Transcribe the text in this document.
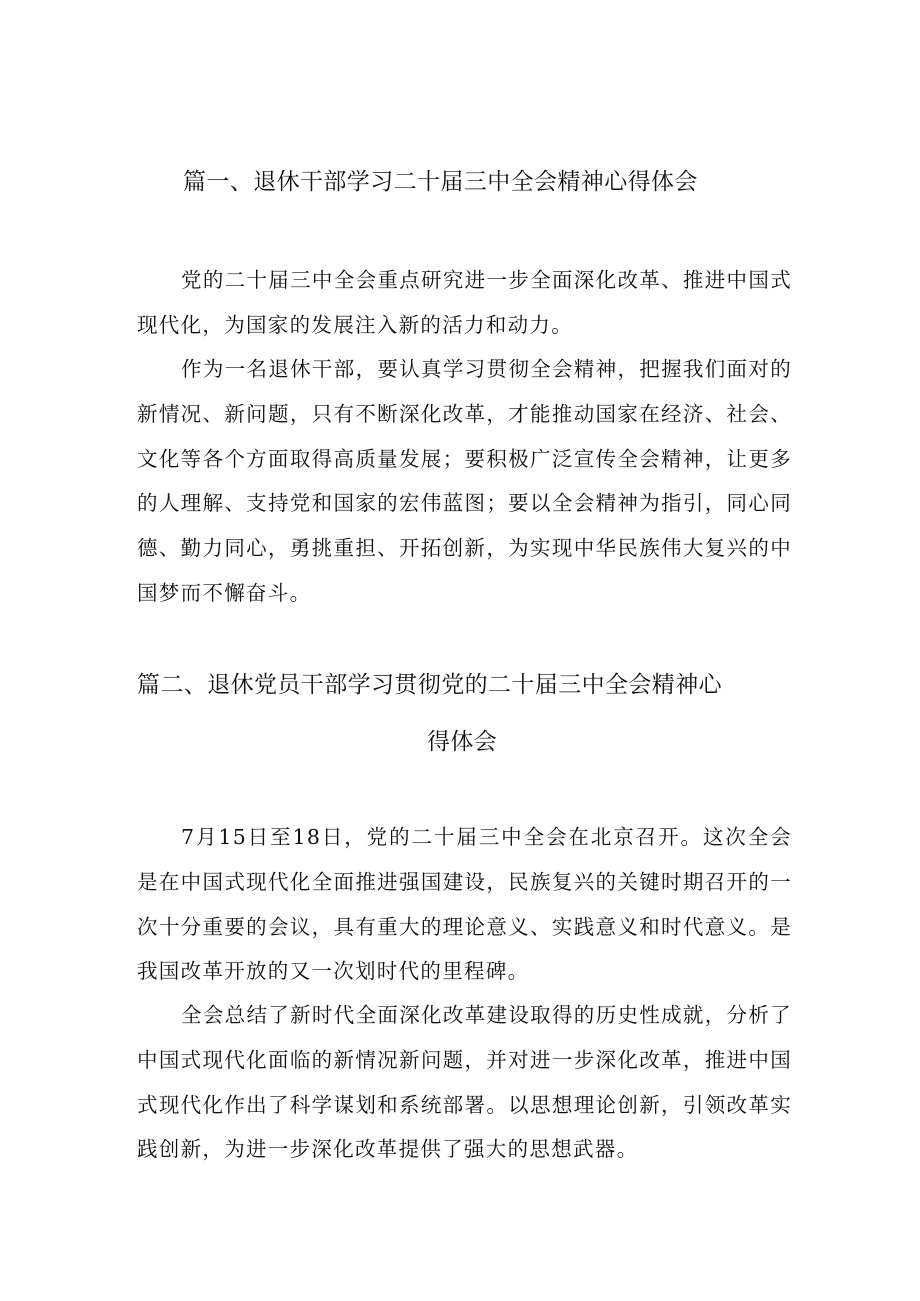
篇一、退休干部学习二十届三中全会精神心得体会

党的二十届三中全会重点研究进一步全面深化改革、推进中国式现代化，为国家的发展注入新的活力和动力。

作为一名退休干部，要认真学习贯彻全会精神，把握我们面对的新情况、新问题，只有不断深化改革，才能推动国家在经济、社会、文化等各个方面取得高质量发展；要积极广泛宣传全会精神，让更多的人理解、支持党和国家的宏伟蓝图；要以全会精神为指引，同心同德、勤力同心，勇挑重担、开拓创新，为实现中华民族伟大复兴的中国梦而不懈奋斗。

篇二、退休党员干部学习贯彻党的二十届三中全会精神心
得体会

7月15日至18日，党的二十届三中全会在北京召开。这次全会是在中国式现代化全面推进强国建设，民族复兴的关键时期召开的一次十分重要的会议，具有重大的理论意义、实践意义和时代意义。是我国改革开放的又一次划时代的里程碑。

全会总结了新时代全面深化改革建设取得的历史性成就，分析了中国式现代化面临的新情况新问题，并对进一步深化改革，推进中国式现代化作出了科学谋划和系统部署。以思想理论创新，引领改革实践创新，为进一步深化改革提供了强大的思想武器。
